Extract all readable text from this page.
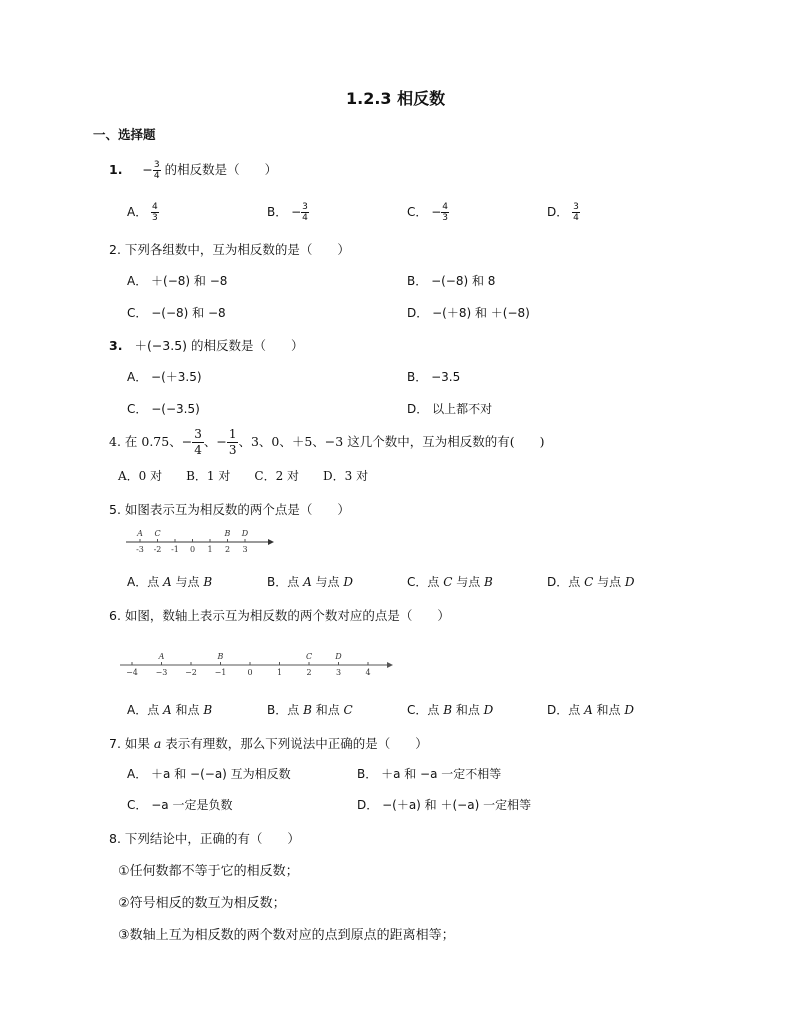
1.2.3 相反数
一、选择题
1. − $\frac{3}{4}$ 的相反数是（　　）
A． $\frac{4}{3}$	B． − $\frac{3}{4}$	C． − $\frac{4}{3}$	D． $\frac{3}{4}$
2. 下列各组数中，互为相反数的是（　　）
A． ＋(−8) 和 −8	B． −(−8) 和 8
C． −(−8) 和 −8	D． −(＋8) 和 ＋(−8)
3. ＋(−3.5) 的相反数是（　　）
A． −(＋3.5)	B． −3.5
C． −(−3.5)	D． 以上都不对
4. 在 0.75、− $\frac{3}{4}$ 、− $\frac{1}{3}$ 、3、0、＋5、−3 这几个数中，互为相反数的有(　　)
A．0 对　　B．1 对　　C．2 对　　D．3 对
5. 如图表示互为相反数的两个点是（　　）
-3 -2 -1 0 1 2 3
A C	B D
A．点 A 与点 B	B．点 A 与点 D	C．点 C 与点 B	D．点 C 与点 D
6. 如图，数轴上表示互为相反数的两个数对应的点是（　　）
−4 −3 −2 −1	0	1	2	3	4
A	B	C	D
A．点 A 和点 B	B．点 B 和点 C	C．点 B 和点 D	D．点 A 和点 D
7. 如果 a 表示有理数，那么下列说法中正确的是（　　）
A． ＋a 和 −(−a) 互为相反数	B． ＋a 和 −a 一定不相等
C． −a 一定是负数	D． −(＋a) 和 ＋(−a) 一定相等
8. 下列结论中，正确的有（　　）
①任何数都不等于它的相反数；
②符号相反的数互为相反数；
③数轴上互为相反数的两个数对应的点到原点的距离相等；
